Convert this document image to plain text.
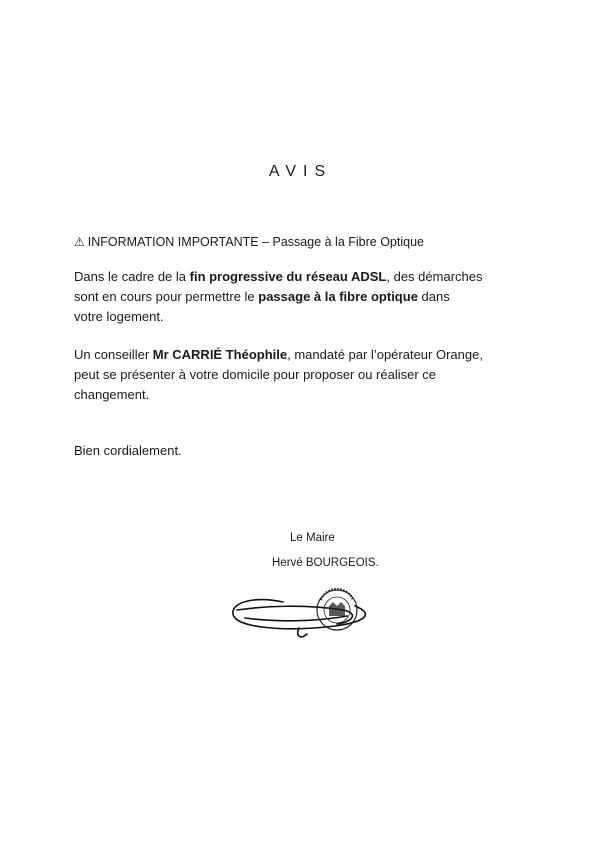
AVIS
⚠ INFORMATION IMPORTANTE – Passage à la Fibre Optique
Dans le cadre de la fin progressive du réseau ADSL, des démarches
sont en cours pour permettre le passage à la fibre optique dans
votre logement.
Un conseiller Mr CARRIÉ Théophile, mandaté par l’opérateur Orange,
peut se présenter à votre domicile pour proposer ou réaliser ce
changement.
Bien cordialement.
Le Maire
Hervé BOURGEOIS.
